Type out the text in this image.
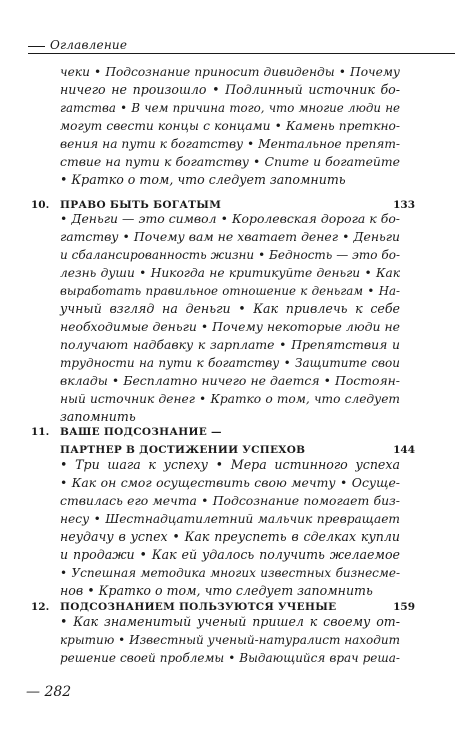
Оглавление
чеки • Подсознание приносит дивиденды • Почему
ничего не произошло • Подлинный источник бо-
гатства • В чем причина того, что многие люди не
могут свести концы с концами • Камень преткно-
вения на пути к богатству • Ментальное препят-
ствие на пути к богатству • Спите и богатейте
• Кратко о том, что следует запомнить
10. ПРАВО БЫТЬ БОГАТЫМ	133
• Деньги — это символ • Королевская дорога к бо-
гатству • Почему вам не хватает денег • Деньги
и сбалансированность жизни • Бедность — это бо-
лезнь души • Никогда не критикуйте деньги • Как
выработать правильное отношение к деньгам • На-
учный взгляд на деньги • Как привлечь к себе
необходимые деньги • Почему некоторые люди не
получают надбавку к зарплате • Препятствия и
трудности на пути к богатству • Защитите свои
вклады • Бесплатно ничего не дается • Постоян-
ный источник денег • Кратко о том, что следует
запомнить
11. ВАШЕ ПОДСОЗНАНИЕ —
ПАРТНЕР В ДОСТИЖЕНИИ УСПЕХОВ	144
• Три шага к успеху • Мера истинного успеха
• Как он смог осуществить свою мечту • Осуще-
ствилась его мечта • Подсознание помогает биз-
несу • Шестнадцатилетний мальчик превращает
неудачу в успех • Как преуспеть в сделках купли
и продажи • Как ей удалось получить желаемое
• Успешная методика многих известных бизнесме-
нов • Кратко о том, что следует запомнить
12. ПОДСОЗНАНИЕМ ПОЛЬЗУЮТСЯ УЧЕНЫЕ	159
• Как знаменитый ученый пришел к своему от-
крытию • Известный ученый-натуралист находит
решение своей проблемы • Выдающийся врач реша-
— 282
